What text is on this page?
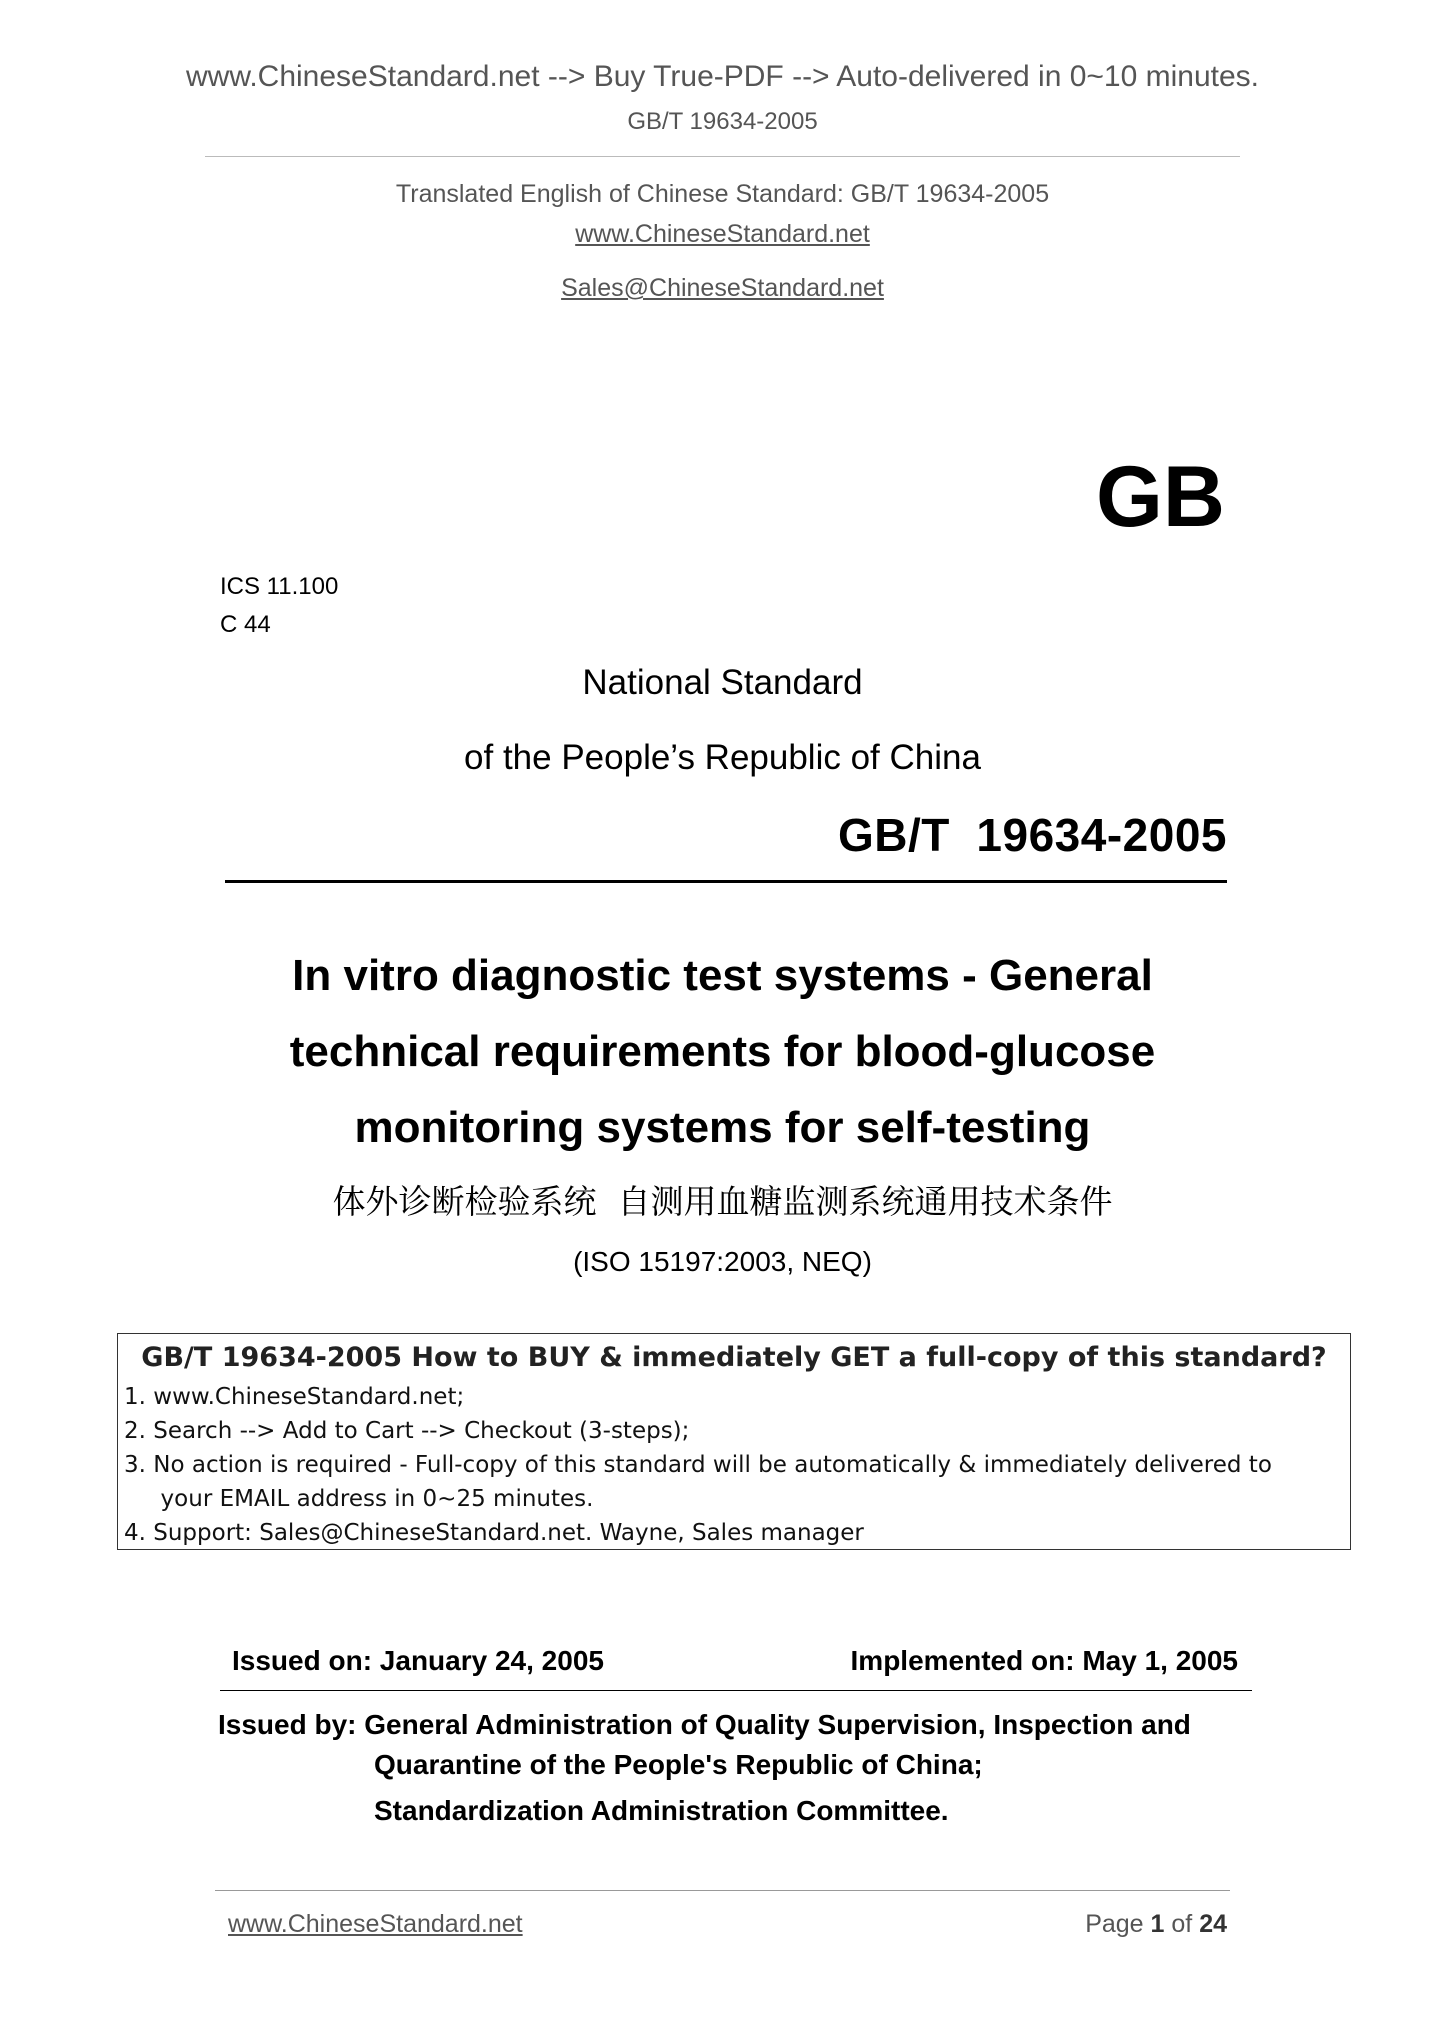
www.ChineseStandard.net --> Buy True-PDF --> Auto-delivered in 0~10 minutes.
GB/T 19634-2005
Translated English of Chinese Standard: GB/T 19634-2005
www.ChineseStandard.net
Sales@ChineseStandard.net
GB
ICS 11.100
C 44
National Standard
of the People’s Republic of China
GB/T  19634-2005
In vitro diagnostic test systems - General
technical requirements for blood-glucose
monitoring systems for self-testing
体外诊断检验系统  自测用血糖监测系统通用技术条件
(ISO 15197:2003, NEQ)
GB/T 19634-2005 How to BUY & immediately GET a full-copy of this standard?
1. www.ChineseStandard.net;
2. Search --> Add to Cart --> Checkout (3-steps);
3. No action is required - Full-copy of this standard will be automatically & immediately delivered to
your EMAIL address in 0~25 minutes.
4. Support: Sales@ChineseStandard.net. Wayne, Sales manager
Issued on: January 24, 2005	Implemented on: May 1, 2005
Issued by: General Administration of Quality Supervision, Inspection and
Quarantine of the People's Republic of China;
Standardization Administration Committee.
www.ChineseStandard.net	Page 1 of 24
